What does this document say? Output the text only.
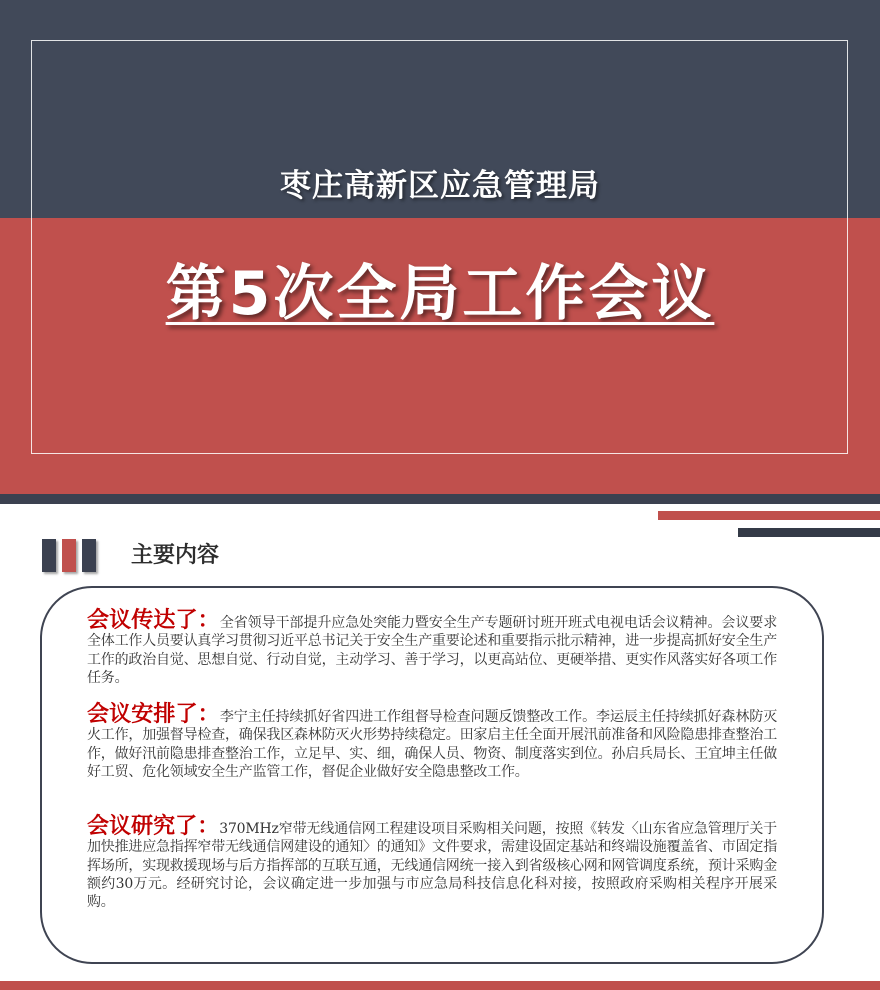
枣庄高新区应急管理局
第5次全局工作会议
主要内容
会议传达了：全省领导干部提升应急处突能力暨安全生产专题研讨班开班式电视电话会议精神。会议要求全体工作人员要认真学习贯彻习近平总书记关于安全生产重要论述和重要指示批示精神，进一步提高抓好安全生产工作的政治自觉、思想自觉、行动自觉，主动学习、善于学习，以更高站位、更硬举措、更实作风落实好各项工作任务。
会议安排了：李宁主任持续抓好省四进工作组督导检查问题反馈整改工作。李运辰主任持续抓好森林防灭火工作，加强督导检查，确保我区森林防灭火形势持续稳定。田家启主任全面开展汛前准备和风险隐患排查整治工作，做好汛前隐患排查整治工作，立足早、实、细，确保人员、物资、制度落实到位。孙启兵局长、王宜坤主任做好工贸、危化领域安全生产监管工作，督促企业做好安全隐患整改工作。
会议研究了：370MHz窄带无线通信网工程建设项目采购相关问题，按照《转发〈山东省应急管理厅关于加快推进应急指挥窄带无线通信网建设的通知〉的通知》文件要求，需建设固定基站和终端设施覆盖省、市固定指挥场所，实现救援现场与后方指挥部的互联互通，无线通信网统一接入到省级核心网和网管调度系统，预计采购金额约30万元。经研究讨论，会议确定进一步加强与市应急局科技信息化科对接，按照政府采购相关程序开展采购。
